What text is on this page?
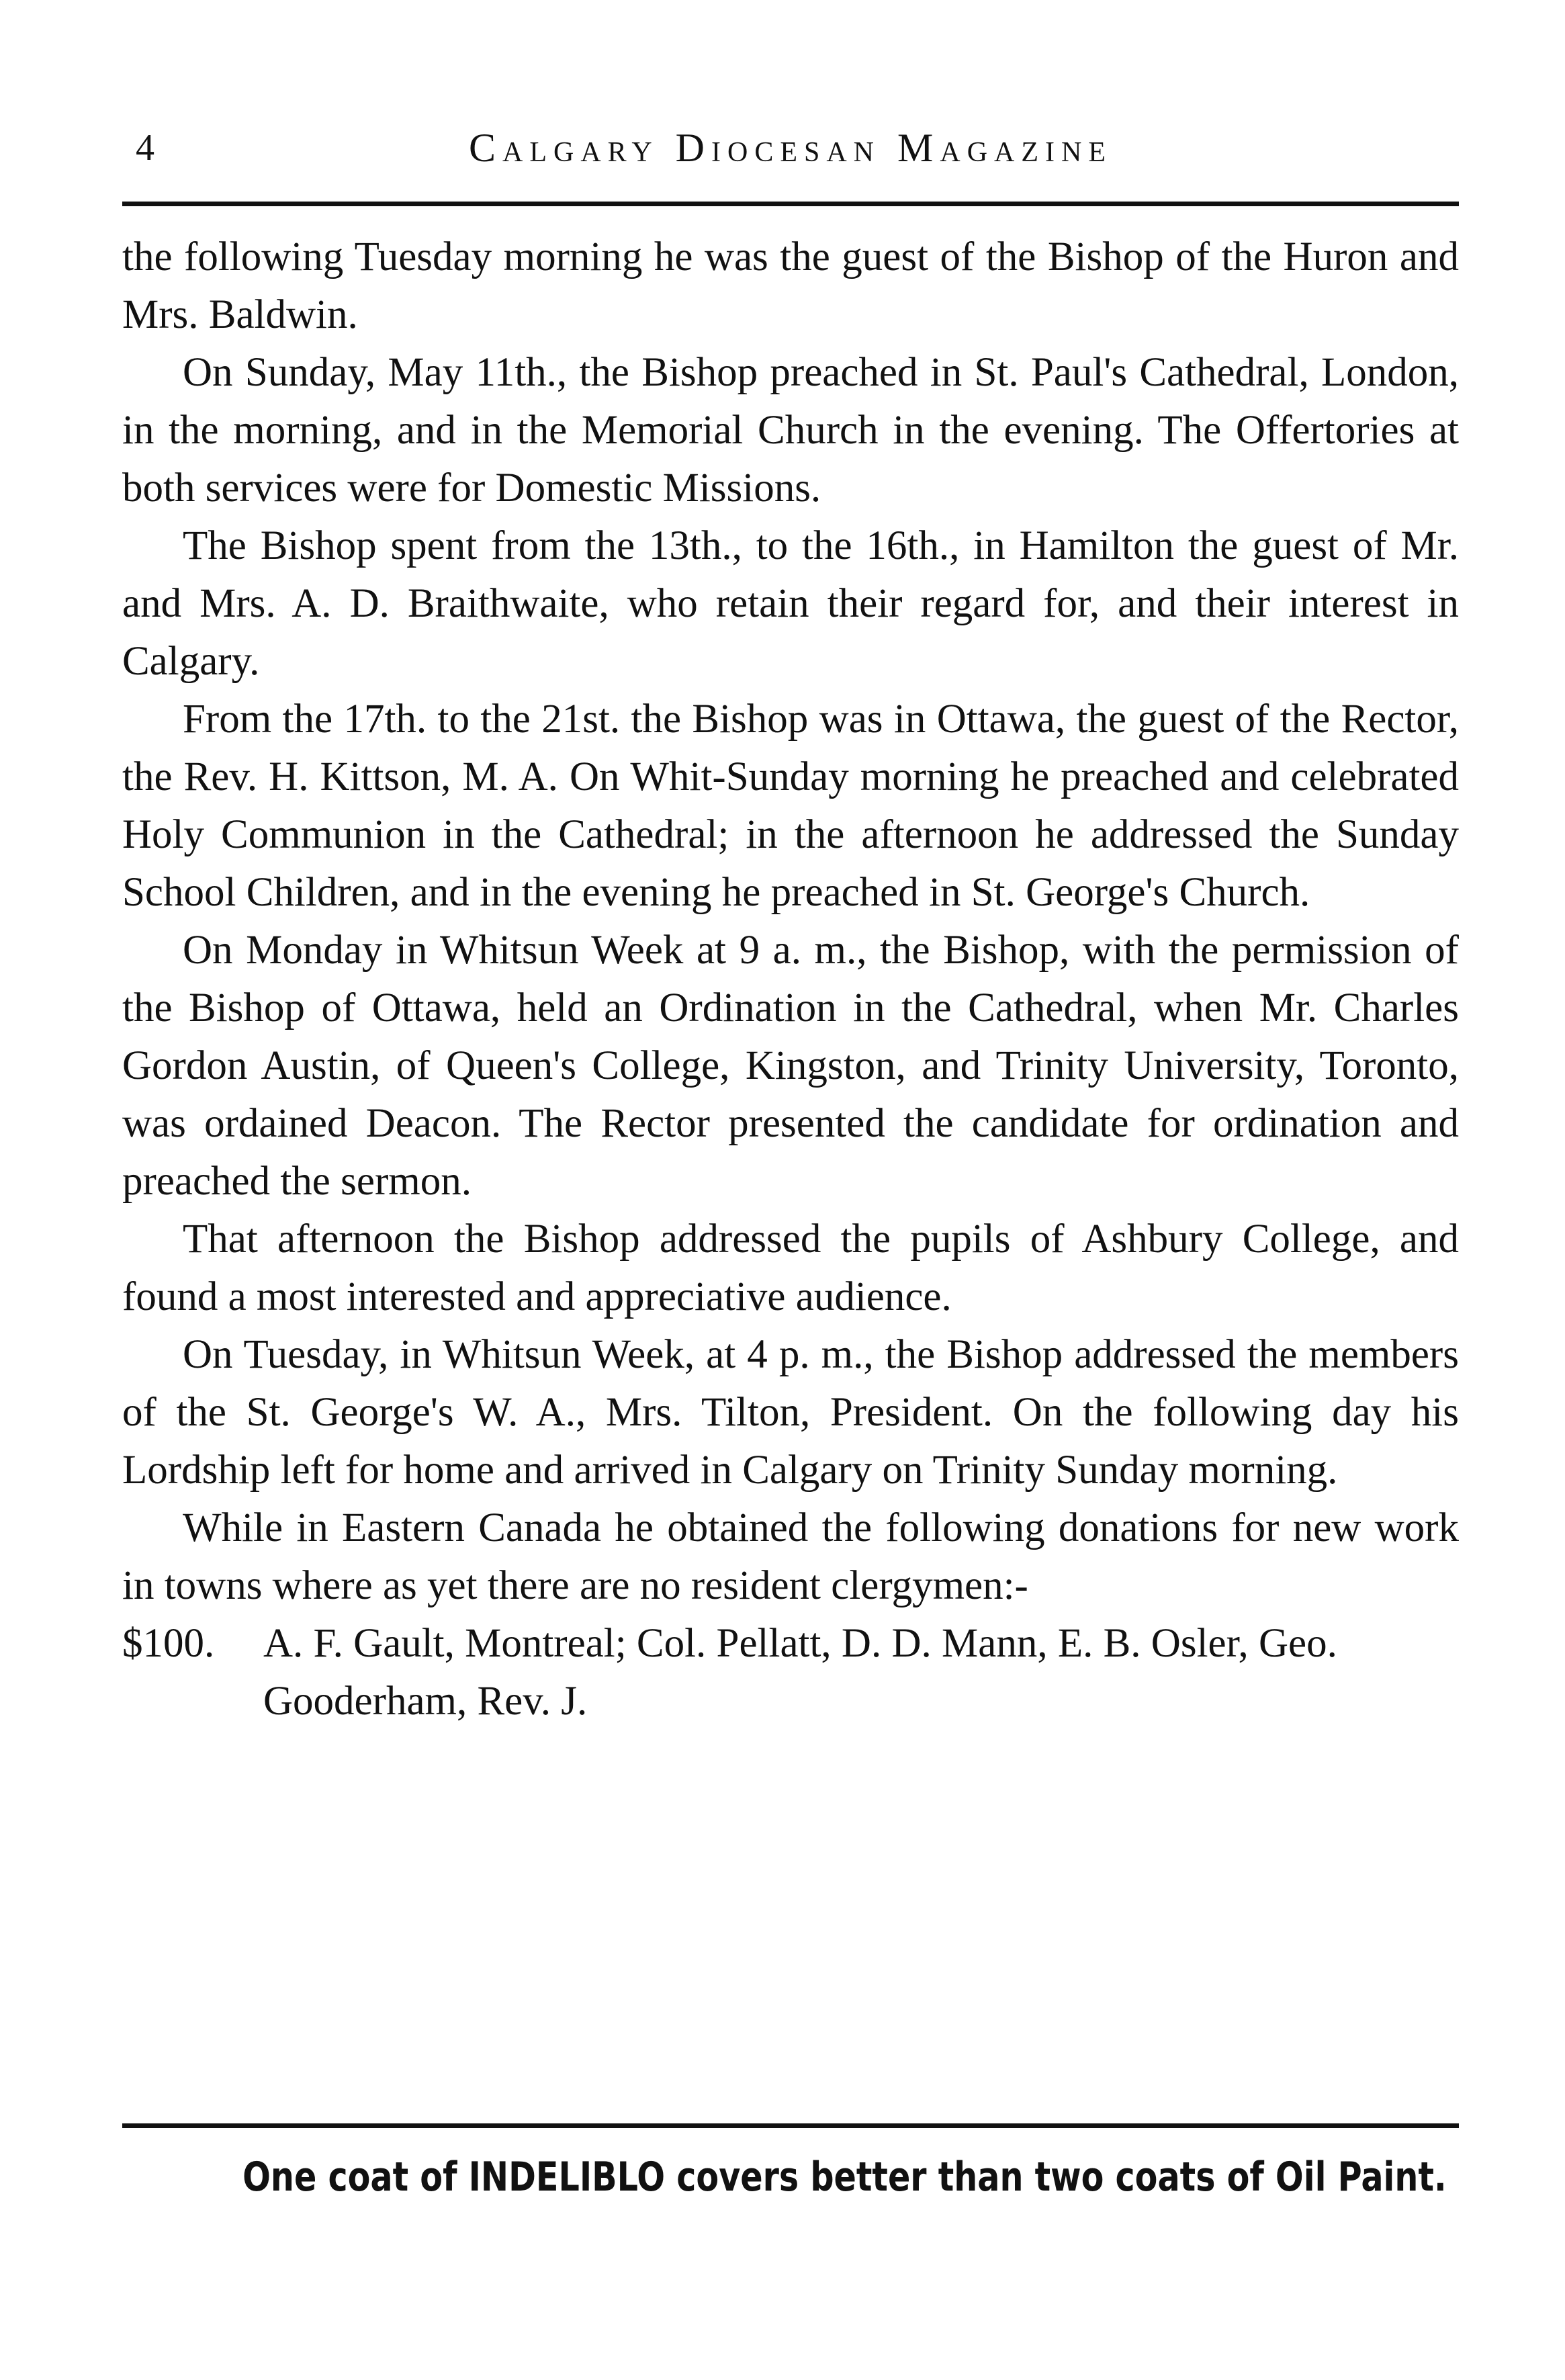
4	Calgary Diocesan Magazine

the following Tuesday morning he was the guest of the Bishop of the Huron and Mrs. Baldwin.

On Sunday, May 11th., the Bishop preached in St. Paul's Cathedral, London, in the morning, and in the Memorial Church in the evening. The Offertories at both services were for Domestic Missions.

The Bishop spent from the 13th., to the 16th., in Hamilton the guest of Mr. and Mrs. A. D. Braithwaite, who retain their regard for, and their interest in Calgary.

From the 17th. to the 21st. the Bishop was in Ottawa, the guest of the Rector, the Rev. H. Kittson, M. A. On Whit-Sunday morning he preached and celebrated Holy Communion in the Cathedral; in the afternoon he addressed the Sunday School Children, and in the evening he preached in St. George's Church.

On Monday in Whitsun Week at 9 a. m., the Bishop, with the permission of the Bishop of Ottawa, held an Ordination in the Cathedral, when Mr. Charles Gordon Austin, of Queen's College, Kingston, and Trinity University, Toronto, was ordained Deacon. The Rector presented the candidate for ordination and preached the sermon.

That afternoon the Bishop addressed the pupils of Ashbury College, and found a most interested and appreciative audience.

On Tuesday, in Whitsun Week, at 4 p. m., the Bishop addressed the members of the St. George's W. A., Mrs. Tilton, President. On the following day his Lordship left for home and arrived in Calgary on Trinity Sunday morning.

While in Eastern Canada he obtained the following donations for new work in towns where as yet there are no resident clergymen:-

$100. A. F. Gault, Montreal; Col. Pellatt, D. D. Mann, E. B. Osler, Geo. Gooderham, Rev. J.

One coat of INDELIBLO covers better than two coats of Oil Paint.
